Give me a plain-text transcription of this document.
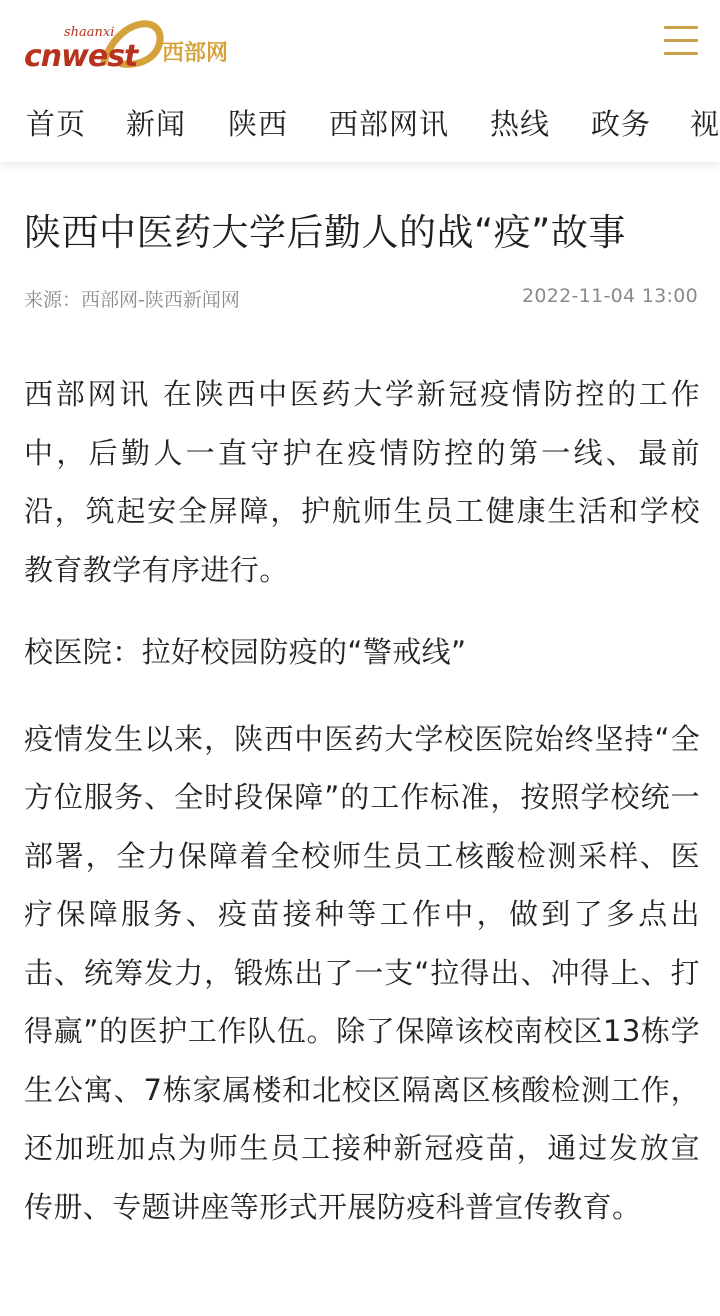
shaanxi
cnwest 西部网
首页 新闻 陕西 西部网讯 热线 政务 视
陕西中医药大学后勤人的战“疫”故事
来源：西部网-陕西新闻网	2022-11-04 13:00

西部网讯 在陕西中医药大学新冠疫情防控的工作中，后勤人一直守护在疫情防控的第一线、最前沿，筑起安全屏障，护航师生员工健康生活和学校教育教学有序进行。

校医院：拉好校园防疫的“警戒线”

疫情发生以来，陕西中医药大学校医院始终坚持“全方位服务、全时段保障”的工作标准，按照学校统一部署，全力保障着全校师生员工核酸检测采样、医疗保障服务、疫苗接种等工作中，做到了多点出击、统筹发力，锻炼出了一支“拉得出、冲得上、打得赢”的医护工作队伍。除了保障该校南校区13栋学生公寓、7栋家属楼和北校区隔离区核酸检测工作，还加班加点为师生员工接种新冠疫苗，通过发放宣传册、专题讲座等形式开展防疫科普宣传教育。
